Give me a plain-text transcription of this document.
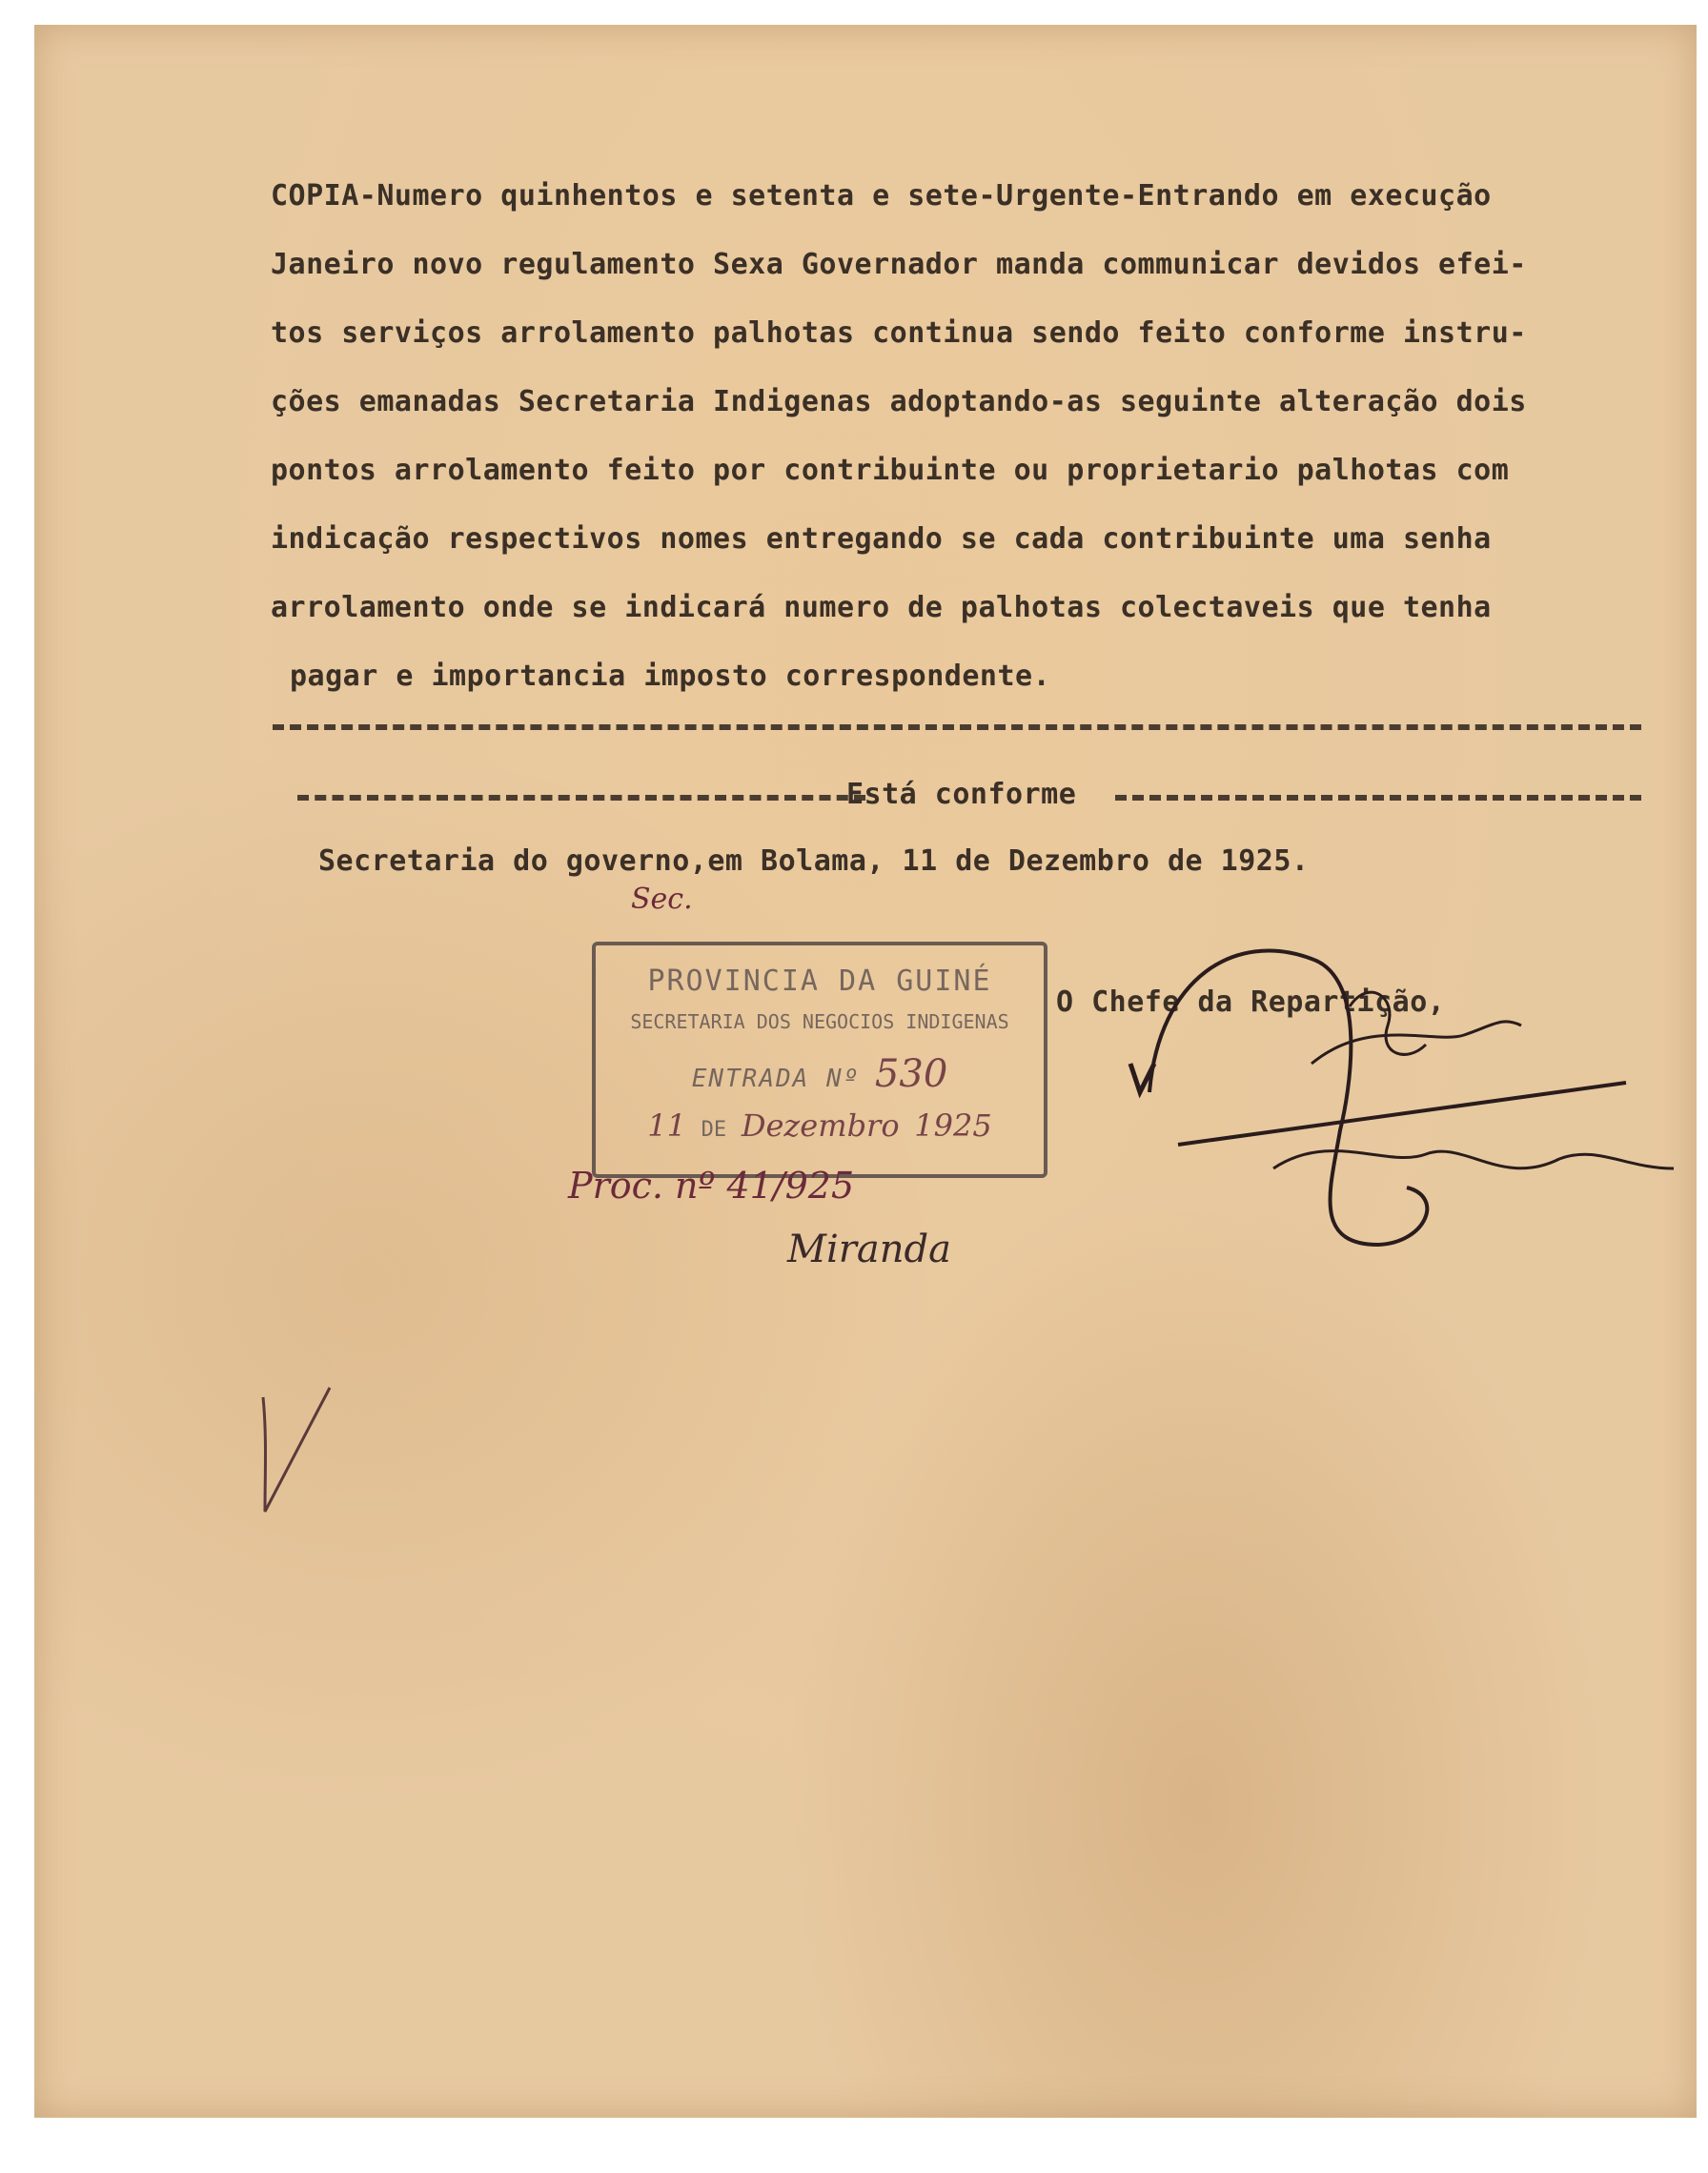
COPIA-Numero quinhentos e setenta e sete-Urgente-Entrando em execução
Janeiro novo regulamento Sexa Governador manda communicar devidos efei-
tos serviços arrolamento palhotas continua sendo feito conforme instru-
ções emanadas Secretaria Indigenas adoptando-as seguinte alteração dois
pontos arrolamento feito por contribuinte ou proprietario palhotas com
indicação respectivos nomes entregando se cada contribuinte uma senha
arrolamento onde se indicará numero de palhotas colectaveis que tenha
pagar e importancia imposto correspondente.
Está conforme
Secretaria do governo,em Bolama, 11 de Dezembro de 1925.
O Chefe da Repartição,
Sec.
PROVINCIA DA GUINÉ
SECRETARIA DOS NEGOCIOS INDIGENAS
ENTRADA Nº 530
11 DE Dezembro 1925
Proc. nº 41/925
Miranda
